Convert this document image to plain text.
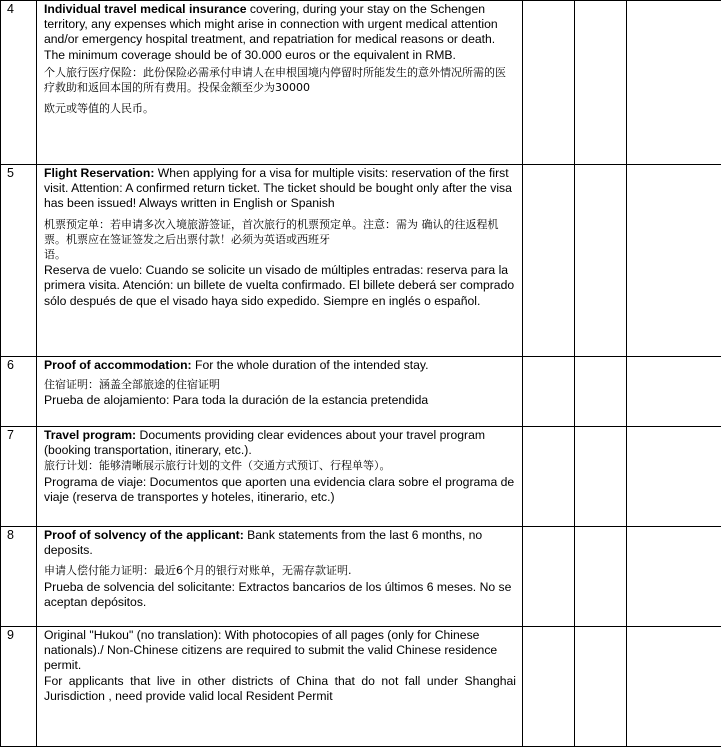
4	Individual travel medical insurance covering, during your stay on the Schengen territory, any expenses which might arise in connection with urgent medical attention and/or emergency hospital treatment, and repatriation for medical reasons or death. The minimum coverage should be of 30.000 euros or the equivalent in RMB.

个人旅行医疗保险：此份保险必需承付申请人在申根国境内停留时所能发生的意外情况所需的医疗救助和返回本国的所有费用。投保金额至少为30000

欧元或等值的人民币。			

5	Flight Reservation: When applying for a visa for multiple visits: reservation of the first visit. Attention: A confirmed return ticket. The ticket should be bought only after the visa has been issued! Always written in English or Spanish

机票预定单：若申请多次入境旅游签证，首次旅行的机票预定单。注意：需为 确认的往返程机票。机票应在签证签发之后出票付款！必须为英语或西班牙

语。

Reserva de vuelo: Cuando se solicite un visado de múltiples entradas: reserva para la primera visita. Atención: un billete de vuelta confirmado. El billete deberá ser comprado sólo después de que el visado haya sido expedido. Siempre en inglés o español.			

6	Proof of accommodation: For the whole duration of the intended stay.

住宿证明：涵盖全部旅途的住宿证明

Prueba de alojamiento: Para toda la duración de la estancia pretendida			

7	Travel program: Documents providing clear evidences about your travel program (booking transportation, itinerary, etc.).

旅行计划：能够清晰展示旅行计划的文件（交通方式预订、行程单等）。

Programa de viaje: Documentos que aporten una evidencia clara sobre el programa de viaje (reserva de transportes y hoteles, itinerario, etc.)			

8	Proof of solvency of the applicant: Bank statements from the last 6 months, no deposits.

申请人偿付能力证明：最近6个月的银行对账单，无需存款证明.

Prueba de solvencia del solicitante: Extractos bancarios de los últimos 6 meses. No se aceptan depósitos.			

9	Original "Hukou" (no translation): With photocopies of all pages (only for Chinese nationals)./ Non-Chinese citizens are required to submit the valid Chinese residence permit.

For applicants that live in other districts of China that do not fall under Shanghai Jurisdiction , need provide valid local Resident Permit			
